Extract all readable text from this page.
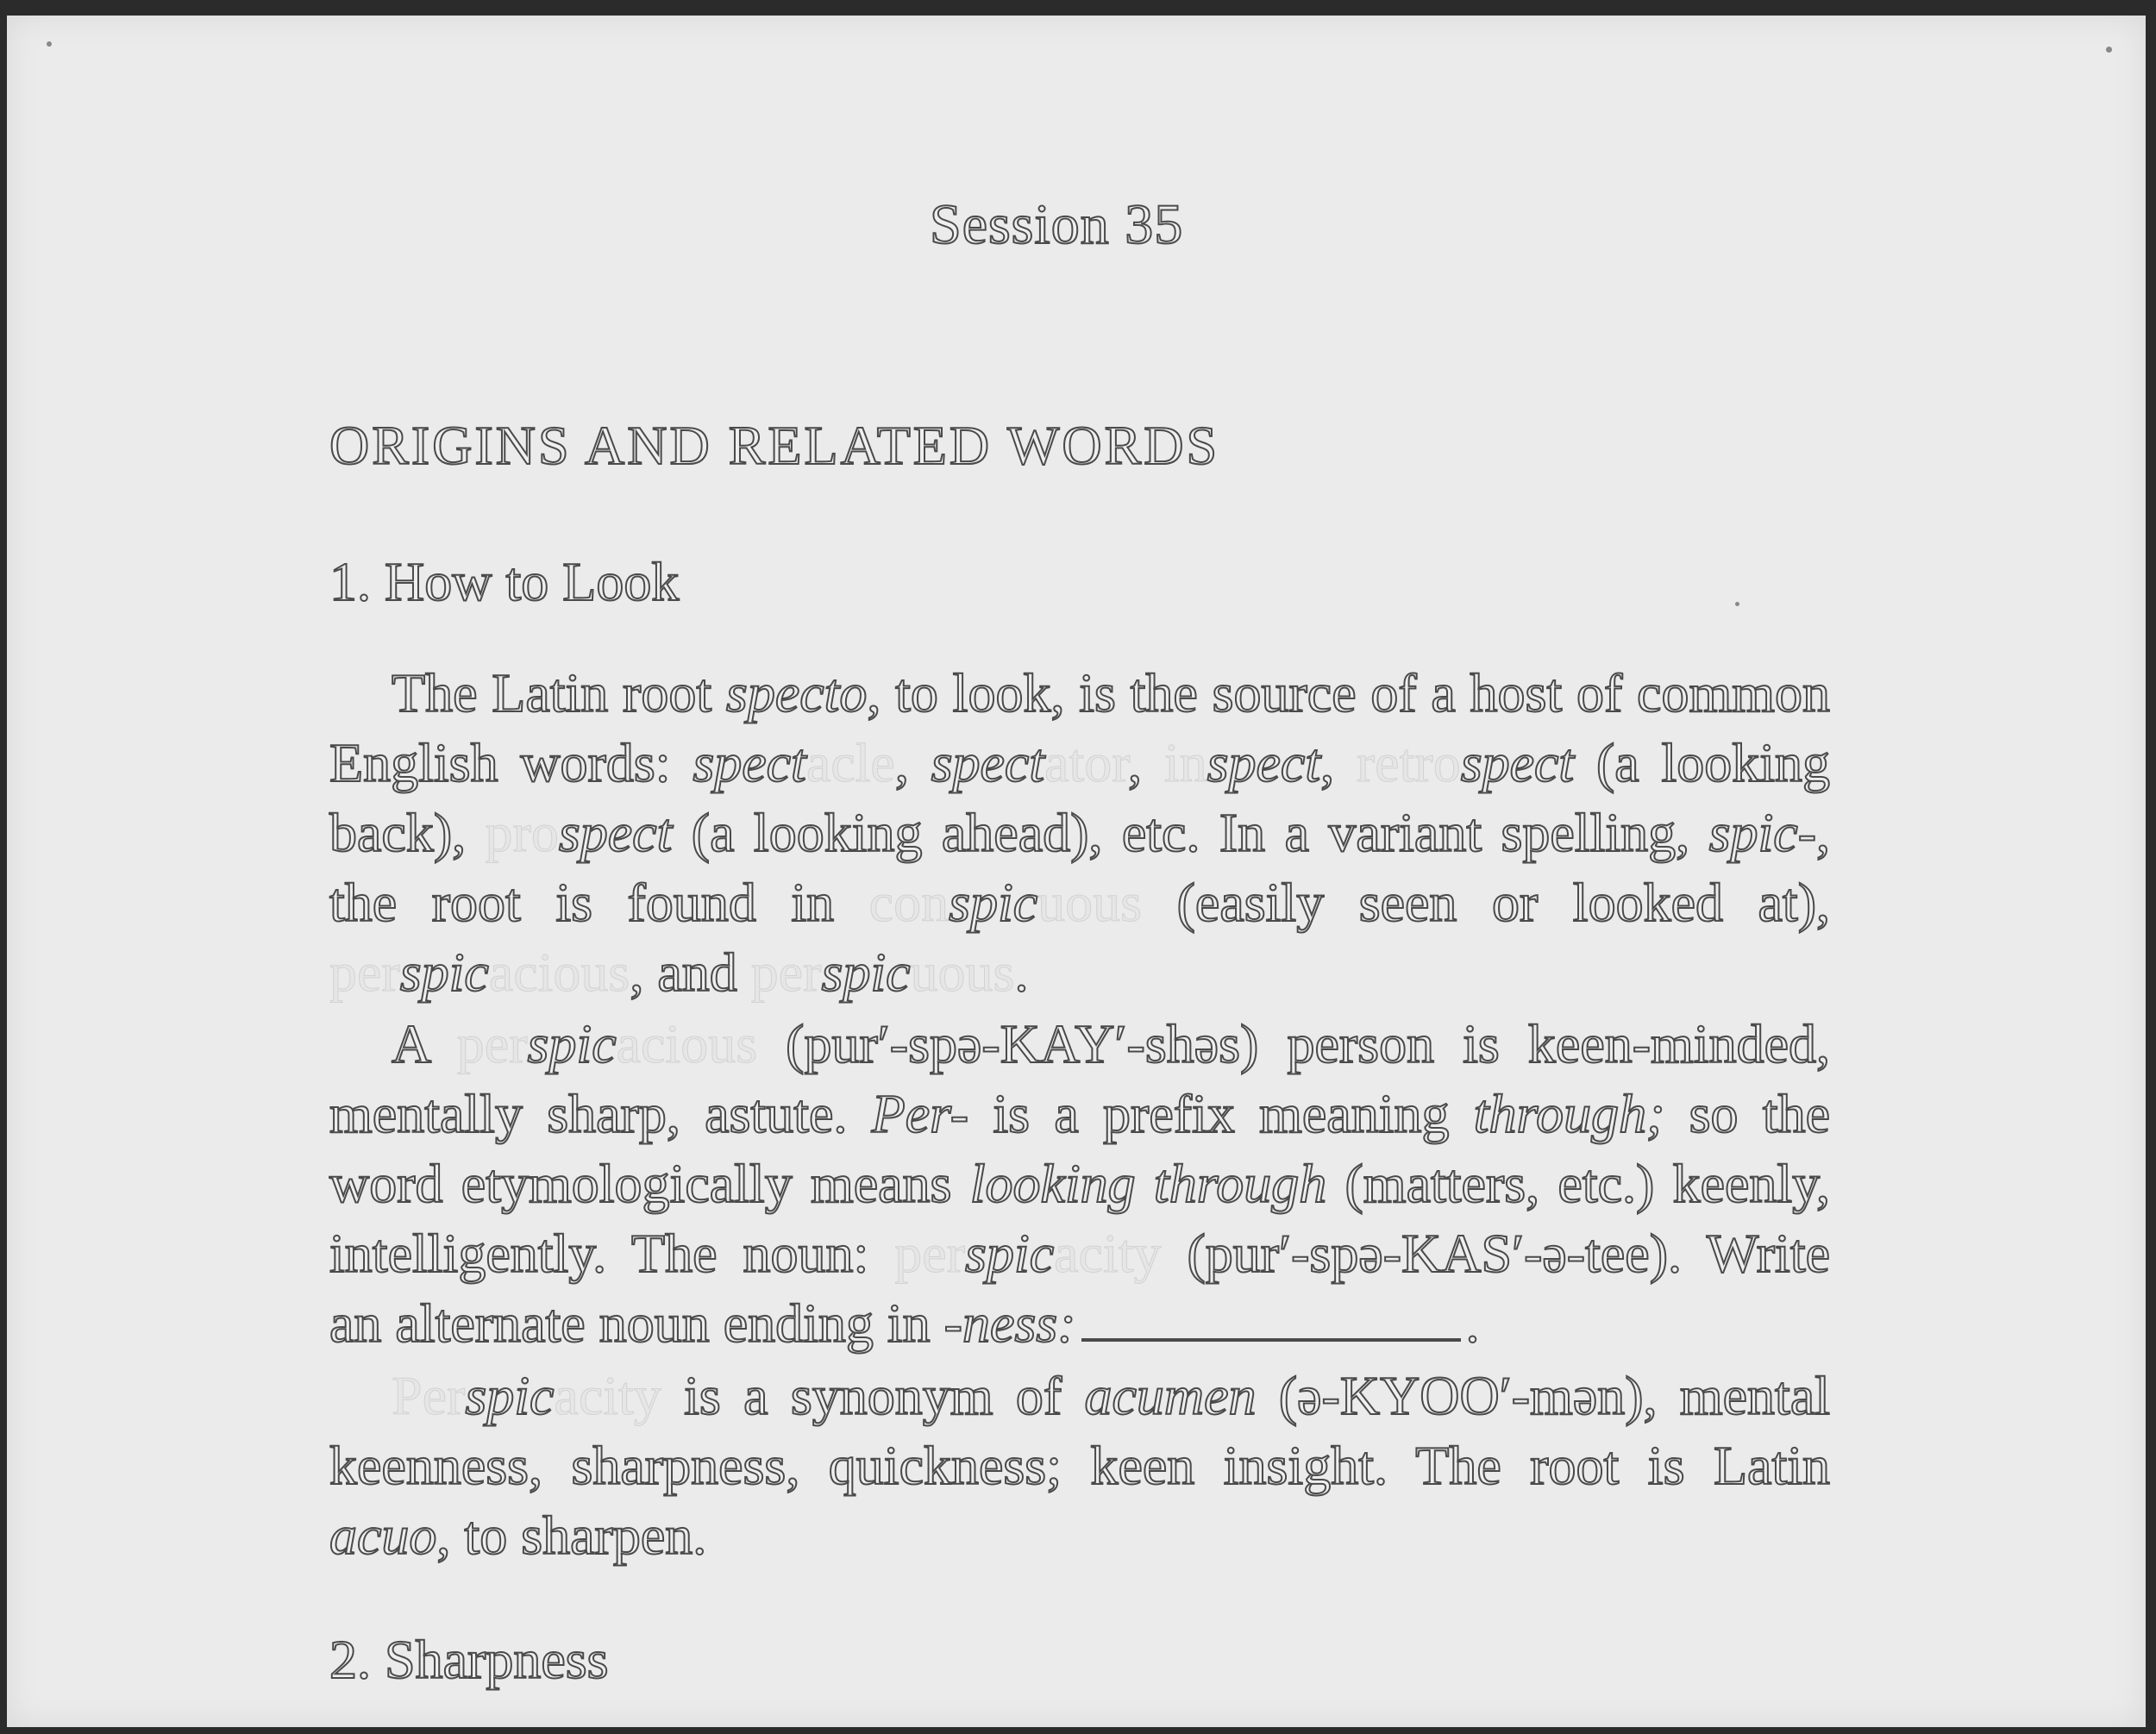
Session 35
ORIGINS AND RELATED WORDS
1. How to Look
The Latin root specto, to look, is the source of a host of common English words: spectacle, spectator, inspect, retrospect (a looking back), prospect (a looking ahead), etc. In a variant spelling, spic-, the root is found in conspicuous (easily seen or looked at), perspicacious, and perspicuous.
A perspicacious (pur′-spə-KAY′-shəs) person is keen-minded, mentally sharp, astute. Per- is a prefix meaning through; so the word etymologically means looking through (matters, etc.) keenly, intelligently. The noun: perspicacity (pur′-spə-KAS′-ə-tee). Write an alternate noun ending in -ness:	.
Perspicacity is a synonym of acumen (ə-KYOO′-mən), mental keenness, sharpness, quickness; keen insight. The root is Latin acuo, to sharpen.
2. Sharpness
